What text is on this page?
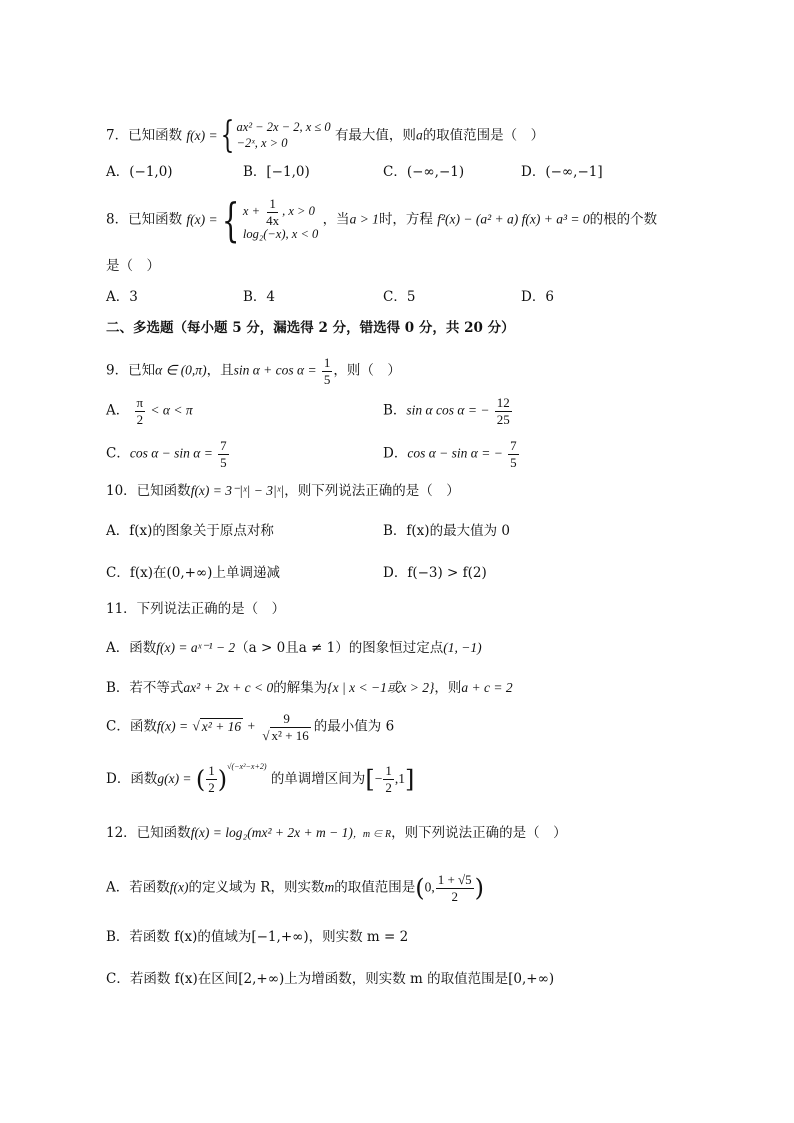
7．已知函数 f(x) = { ax² − 2x − 2, x ≤ 0
−2ˣ, x > 0	有最大值，则a的取值范围是（　）
A．(−1,0)	B．[−1,0)	C．(−∞,−1)	D．(−∞,−1]
8．已知函数 f(x) = { $x + \frac{1}{4x}$ , x > 0
log₂(−x), x < 0
，当a > 1时，方程 f²(x) − (a² + a) f(x) + a³ = 0的根的个数
是（　）
A．3	B．4	C．5	D．6
二、多选题（每小题 5 分，漏选得 2 分，错选得 0 分，共 20 分）
9．已知α ∈ (0,π)，且$\sin \alpha + \cos \alpha = \frac{1}{5}$ ，则（　）
A． $\frac{\pi}{2} < \alpha < \pi$	B．sin α cos α = − $\frac{12}{25}$
C．$\cos \alpha - \sin \alpha = \frac{7}{5}$	D．cos α − sin α = − $\frac{7}{5}$
10．已知函数f(x) = 3⁻|ˣ| − 3|ˣ|，则下列说法正确的是（　）
A．f(x)的图象关于原点对称	B．f(x)的最大值为 0
C．f(x)在(0,+∞)上单调递减	D．f(−3) > f(2)
11．下列说法正确的是（　）
A．函数f(x) = aˣ⁻¹ − 2（a > 0且a ≠ 1）的图象恒过定点(1, −1)
B．若不等式ax² + 2x + c < 0的解集为{x | x < −1或x > 2}，则a + c = 2
C．函数f(x) = √ $x^2 + 16 + \frac{9}{\text{√ x² + 16}}$ 的最小值为 6
D．函数g(x) = ( $\frac{1}{2} )^{√(-x^2-x+2)}$ 的单调增区间为[− $\frac{1}{2} ,1$]
12．已知函数f(x) = log₂(mx² + 2x + m − 1)，m ∈ R，则下列说法正确的是（　）
A．若函数f(x)的定义域为 R，则实数m的取值范围是(0, $\frac{1 + √5}{2}$ )
B．若函数 f(x)的值域为[−1,+∞)，则实数 m = 2
C．若函数 f(x)在区间[2,+∞)上为增函数，则实数 m 的取值范围是[0,+∞)
